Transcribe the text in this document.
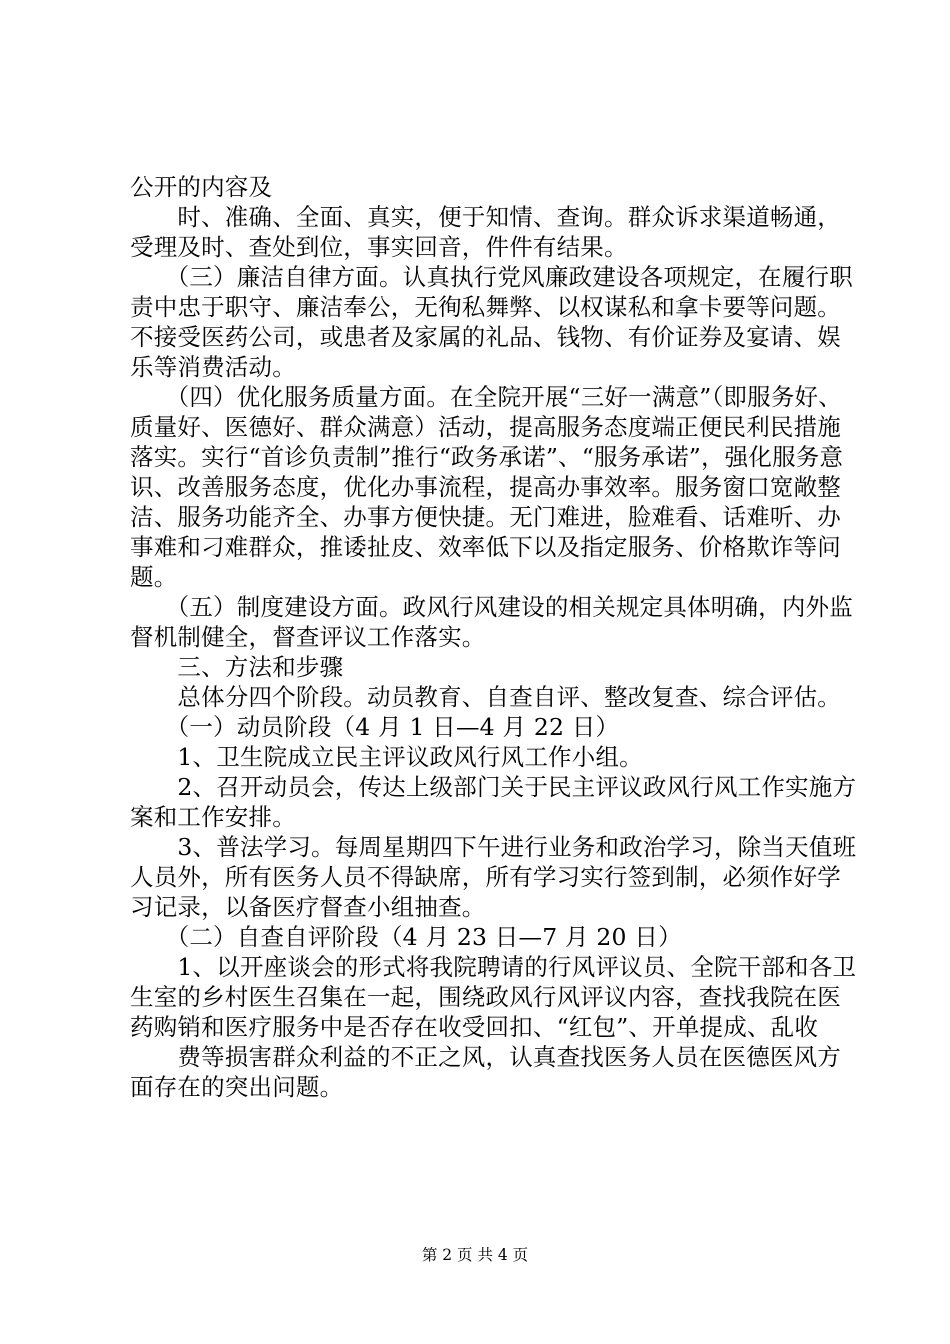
公开的内容及

　　时、准确、全面、真实，便于知情、查询。群众诉求渠道畅通，受理及时、查处到位，事实回音，件件有结果。

　　（三）廉洁自律方面。认真执行党风廉政建设各项规定，在履行职责中忠于职守、廉洁奉公，无徇私舞弊、以权谋私和拿卡要等问题。不接受医药公司，或患者及家属的礼品、钱物、有价证券及宴请、娱乐等消费活动。

　　（四）优化服务质量方面。在全院开展“三好一满意”（即服务好、质量好、医德好、群众满意）活动，提高服务态度端正便民利民措施落实。实行“首诊负责制”推行“政务承诺”、“服务承诺”，强化服务意识、改善服务态度，优化办事流程，提高办事效率。服务窗口宽敞整洁、服务功能齐全、办事方便快捷。无门难进，脸难看、话难听、办事难和刁难群众，推诿扯皮、效率低下以及指定服务、价格欺诈等问题。

　　（五）制度建设方面。政风行风建设的相关规定具体明确，内外监督机制健全，督查评议工作落实。

　　三、方法和步骤

　　总体分四个阶段。动员教育、自查自评、整改复查、综合评估。

　　（一）动员阶段（4 月 1 日—4 月 22 日）

　　1、卫生院成立民主评议政风行风工作小组。

　　2、召开动员会，传达上级部门关于民主评议政风行风工作实施方案和工作安排。

　　3、普法学习。每周星期四下午进行业务和政治学习，除当天值班人员外，所有医务人员不得缺席，所有学习实行签到制，必须作好学习记录，以备医疗督查小组抽查。

　　（二）自查自评阶段（4 月 23 日—7 月 20 日）

　　1、以开座谈会的形式将我院聘请的行风评议员、全院干部和各卫生室的乡村医生召集在一起，围绕政风行风评议内容，查找我院在医药购销和医疗服务中是否存在收受回扣、“红包”、开单提成、乱收

　　费等损害群众利益的不正之风，认真查找医务人员在医德医风方面存在的突出问题。

第 2 页 共 4 页
